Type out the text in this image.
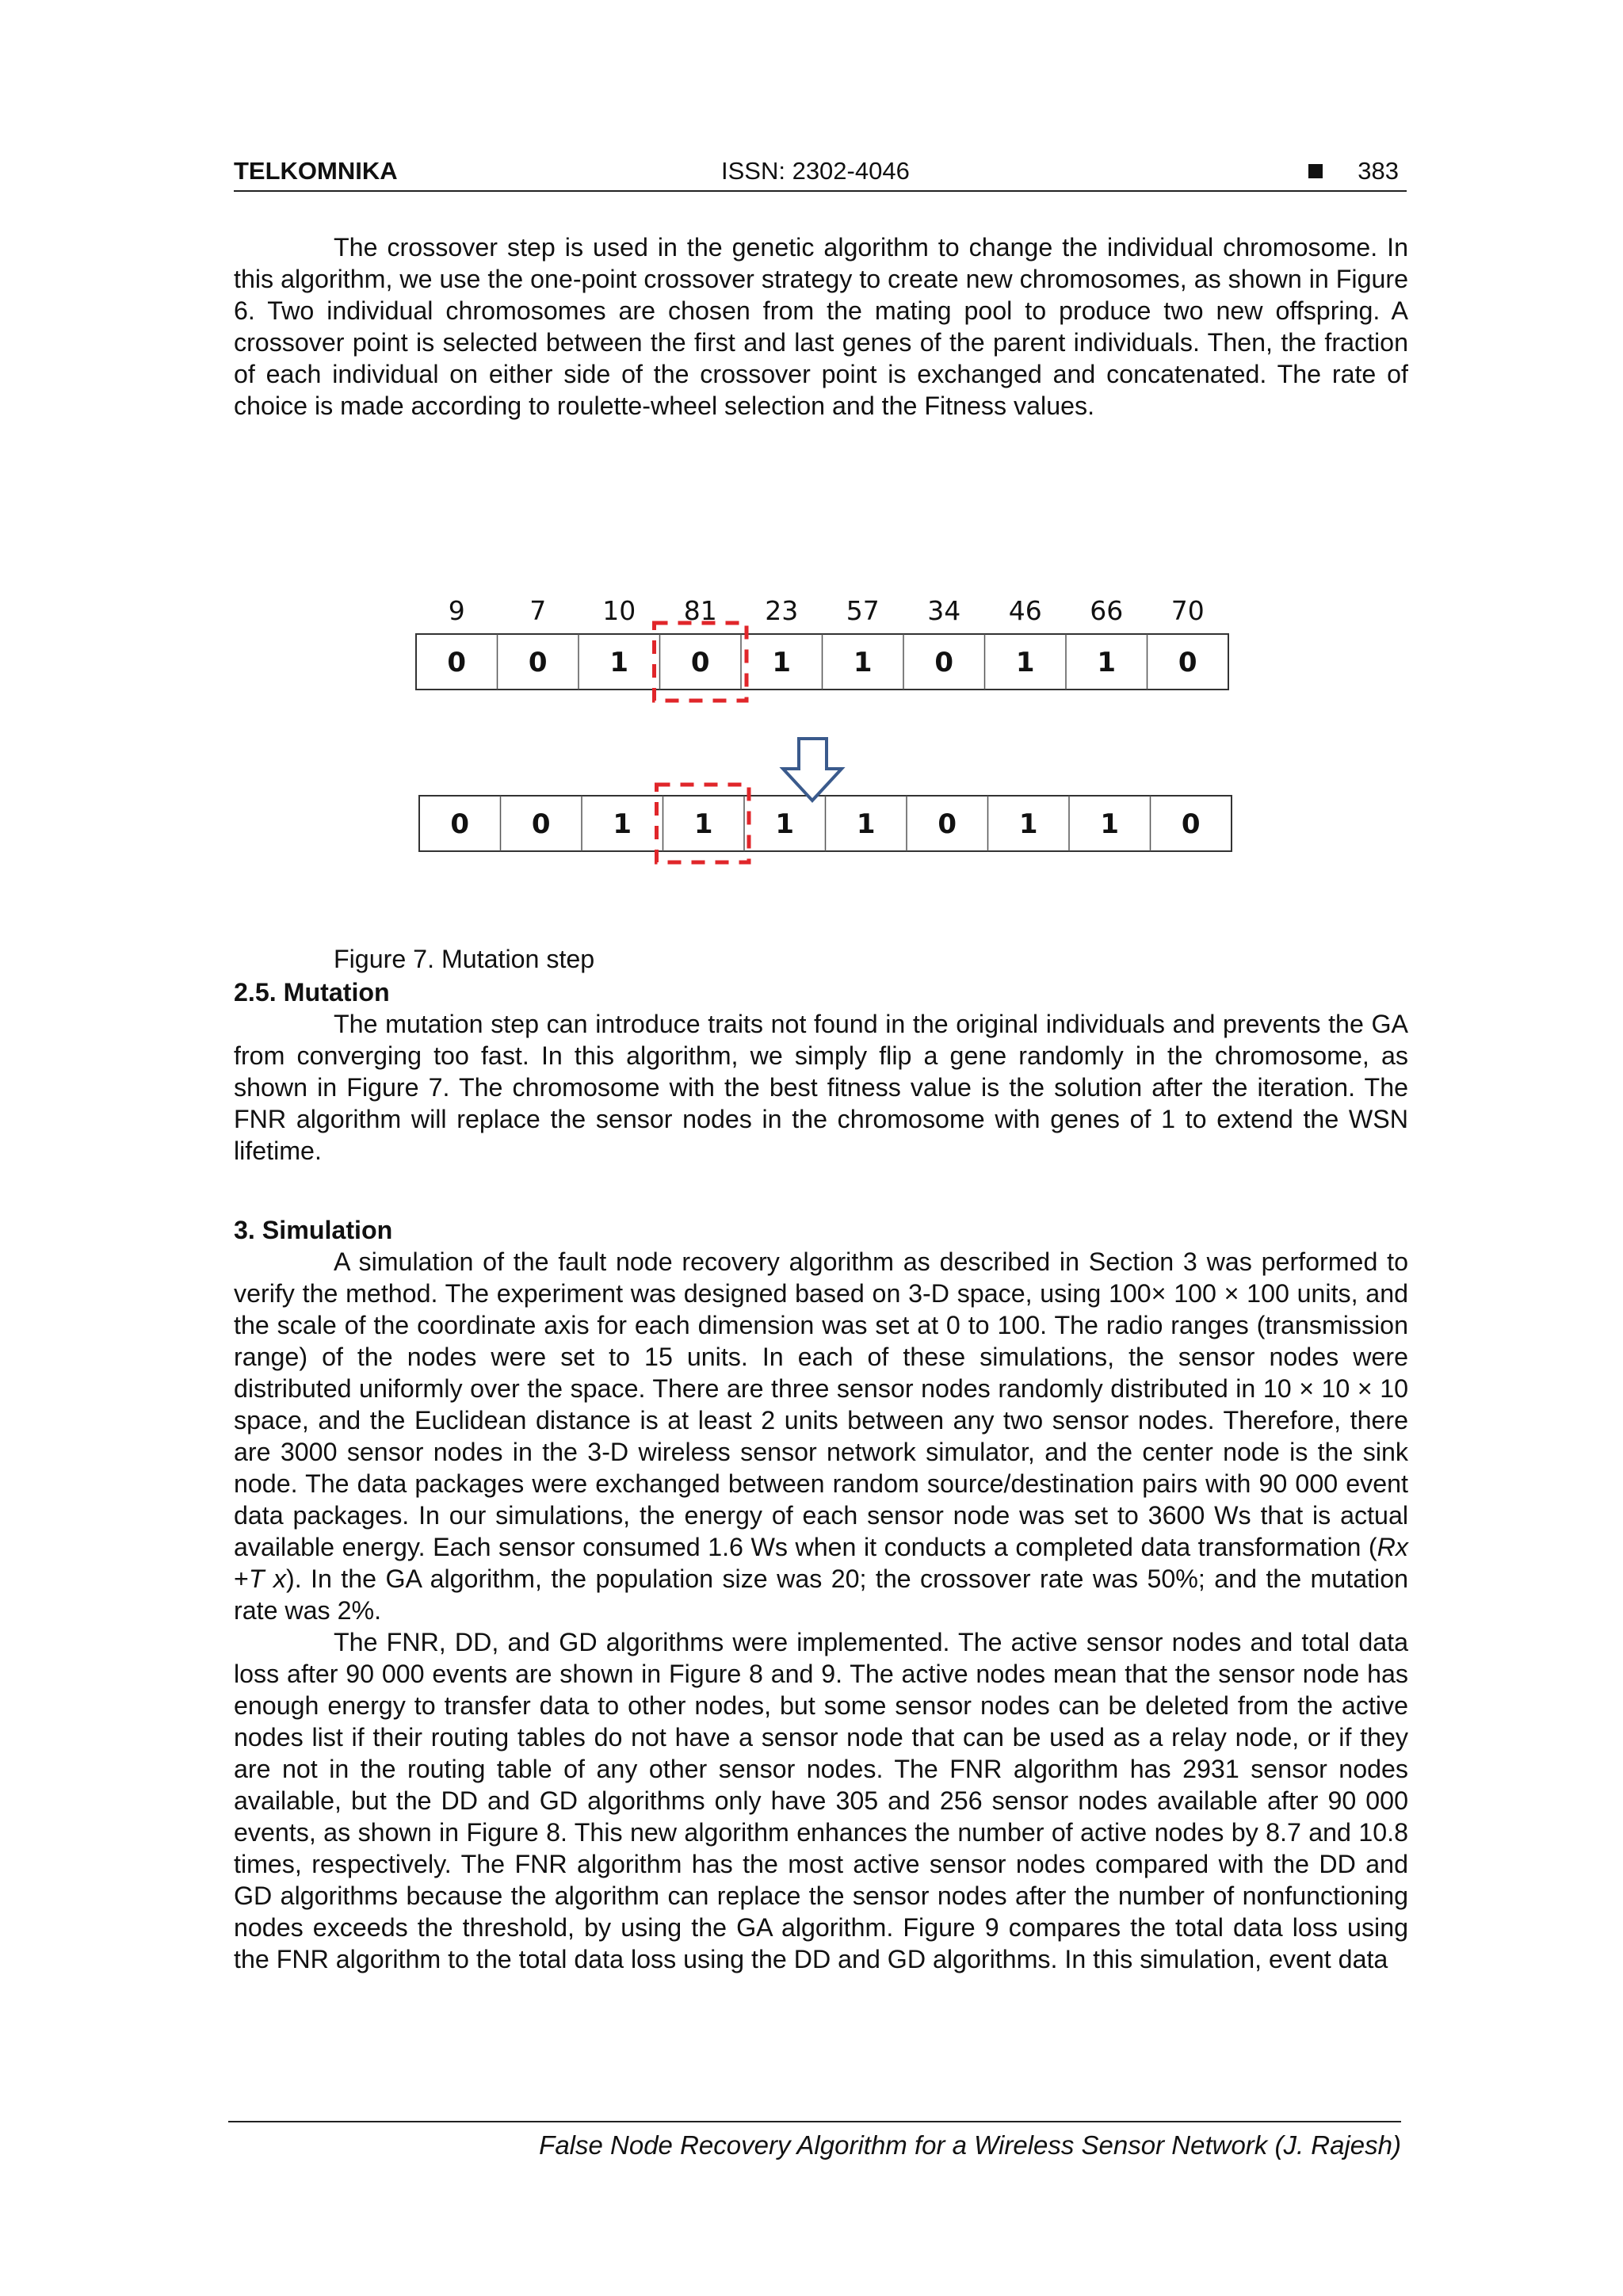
TELKOMNIKA	ISSN: 2302-4046	383

The crossover step is used in the genetic algorithm to change the individual chromosome. In this algorithm, we use the one-point crossover strategy to create new chromosomes, as shown in Figure 6. Two individual chromosomes are chosen from the mating pool to produce two new offspring. A crossover point is selected between the first and last genes of the parent individuals. Then, the fraction of each individual on either side of the crossover point is exchanged and concatenated. The rate of choice is made according to roulette-wheel selection and the Fitness values.

9 7 10 81 23 57 34 46 66 70
0 0 1 0 1 1 0 1 1 0
0 0 1 1 1 1 0 1 1 0

Figure 7. Mutation step

2.5. Mutation

The mutation step can introduce traits not found in the original individuals and prevents the GA from converging too fast. In this algorithm, we simply flip a gene randomly in the chromosome, as shown in Figure 7. The chromosome with the best fitness value is the solution after the iteration. The FNR algorithm will replace the sensor nodes in the chromosome with genes of 1 to extend the WSN lifetime.

3. Simulation

A simulation of the fault node recovery algorithm as described in Section 3 was performed to verify the method. The experiment was designed based on 3-D space, using 100× 100 × 100 units, and the scale of the coordinate axis for each dimension was set at 0 to 100. The radio ranges (transmission range) of the nodes were set to 15 units. In each of these simulations, the sensor nodes were distributed uniformly over the space. There are three sensor nodes randomly distributed in 10 × 10 × 10 space, and the Euclidean distance is at least 2 units between any two sensor nodes. Therefore, there are 3000 sensor nodes in the 3-D wireless sensor network simulator, and the center node is the sink node. The data packages were exchanged between random source/destination pairs with 90 000 event data packages. In our simulations, the energy of each sensor node was set to 3600 Ws that is actual available energy. Each sensor consumed 1.6 Ws when it conducts a completed data transformation (Rx +T x). In the GA algorithm, the population size was 20; the crossover rate was 50%; and the mutation rate was 2%.

The FNR, DD, and GD algorithms were implemented. The active sensor nodes and total data loss after 90 000 events are shown in Figure 8 and 9. The active nodes mean that the sensor node has enough energy to transfer data to other nodes, but some sensor nodes can be deleted from the active nodes list if their routing tables do not have a sensor node that can be used as a relay node, or if they are not in the routing table of any other sensor nodes. The FNR algorithm has 2931 sensor nodes available, but the DD and GD algorithms only have 305 and 256 sensor nodes available after 90 000 events, as shown in Figure 8. This new algorithm enhances the number of active nodes by 8.7 and 10.8 times, respectively. The FNR algorithm has the most active sensor nodes compared with the DD and GD algorithms because the algorithm can replace the sensor nodes after the number of nonfunctioning nodes exceeds the threshold, by using the GA algorithm. Figure 9 compares the total data loss using the FNR algorithm to the total data loss using the DD and GD algorithms. In this simulation, event data

False Node Recovery Algorithm for a Wireless Sensor Network (J. Rajesh)
